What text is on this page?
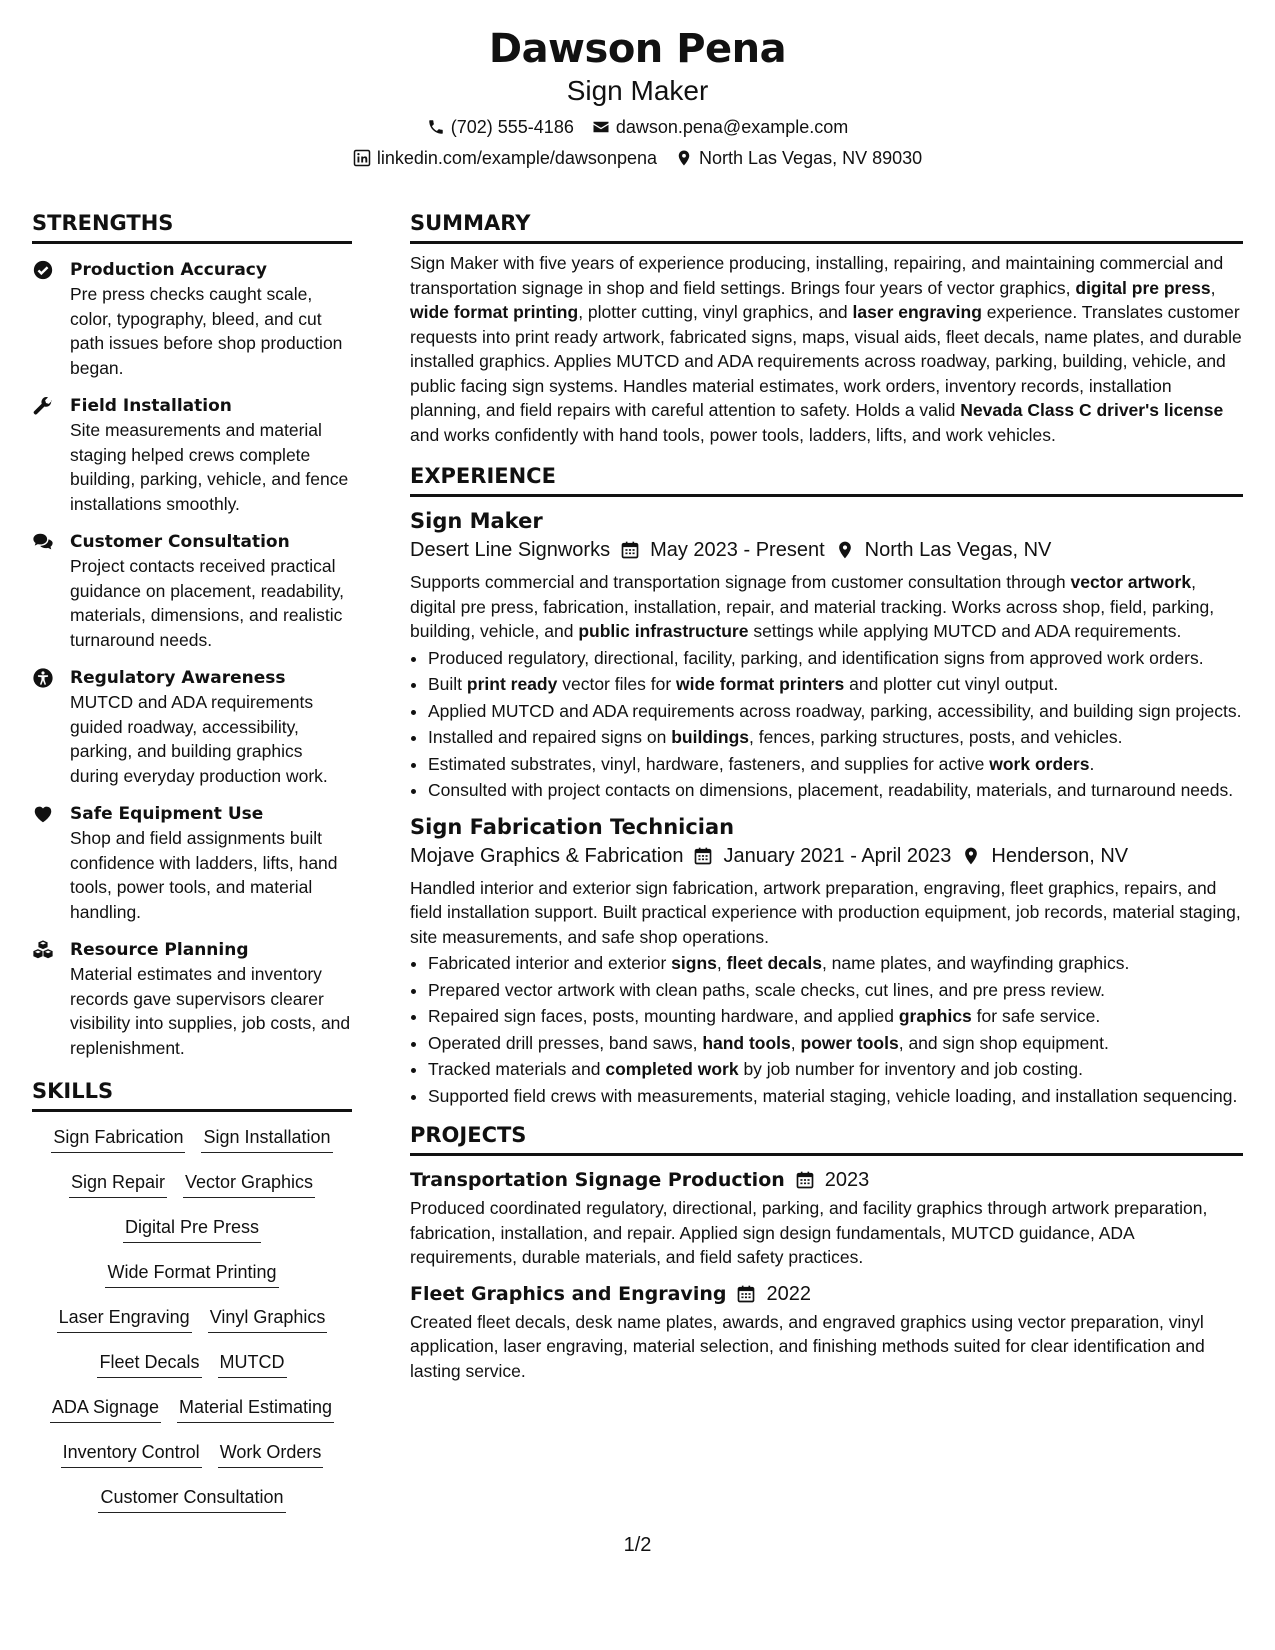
Dawson Pena
Sign Maker
(702) 555-4186 dawson.pena@example.com
linkedin.com/example/dawsonpena North Las Vegas, NV 89030
STRENGTHS
Production Accuracy
Pre press checks caught scale, color, typography, bleed, and cut path issues before shop production began.
Field Installation
Site measurements and material staging helped crews complete building, parking, vehicle, and fence installations smoothly.
Customer Consultation
Project contacts received practical guidance on placement, readability, materials, dimensions, and realistic turnaround needs.
Regulatory Awareness
MUTCD and ADA requirements guided roadway, accessibility, parking, and building graphics during everyday production work.
Safe Equipment Use
Shop and field assignments built confidence with ladders, lifts, hand tools, power tools, and material handling.
Resource Planning
Material estimates and inventory records gave supervisors clearer visibility into supplies, job costs, and replenishment.
SKILLS
Sign Fabrication Sign Installation
Sign Repair Vector Graphics
Digital Pre Press
Wide Format Printing
Laser Engraving Vinyl Graphics
Fleet Decals MUTCD
ADA Signage Material Estimating
Inventory Control Work Orders
Customer Consultation
SUMMARY
Sign Maker with five years of experience producing, installing, repairing, and maintaining commercial and transportation signage in shop and field settings. Brings four years of vector graphics, digital pre press, wide format printing, plotter cutting, vinyl graphics, and laser engraving experience. Translates customer requests into print ready artwork, fabricated signs, maps, visual aids, fleet decals, name plates, and durable installed graphics. Applies MUTCD and ADA requirements across roadway, parking, building, vehicle, and public facing sign systems. Handles material estimates, work orders, inventory records, installation planning, and field repairs with careful attention to safety. Holds a valid Nevada Class C driver's license and works confidently with hand tools, power tools, ladders, lifts, and work vehicles.
EXPERIENCE
Sign Maker
Desert Line Signworks May 2023 - Present North Las Vegas, NV
Supports commercial and transportation signage from customer consultation through vector artwork, digital pre press, fabrication, installation, repair, and material tracking. Works across shop, field, parking, building, vehicle, and public infrastructure settings while applying MUTCD and ADA requirements.
• Produced regulatory, directional, facility, parking, and identification signs from approved work orders.
• Built print ready vector files for wide format printers and plotter cut vinyl output.
• Applied MUTCD and ADA requirements across roadway, parking, accessibility, and building sign projects.
• Installed and repaired signs on buildings, fences, parking structures, posts, and vehicles.
• Estimated substrates, vinyl, hardware, fasteners, and supplies for active work orders.
• Consulted with project contacts on dimensions, placement, readability, materials, and turnaround needs.
Sign Fabrication Technician
Mojave Graphics & Fabrication January 2021 - April 2023 Henderson, NV
Handled interior and exterior sign fabrication, artwork preparation, engraving, fleet graphics, repairs, and field installation support. Built practical experience with production equipment, job records, material staging, site measurements, and safe shop operations.
• Fabricated interior and exterior signs, fleet decals, name plates, and wayfinding graphics.
• Prepared vector artwork with clean paths, scale checks, cut lines, and pre press review.
• Repaired sign faces, posts, mounting hardware, and applied graphics for safe service.
• Operated drill presses, band saws, hand tools, power tools, and sign shop equipment.
• Tracked materials and completed work by job number for inventory and job costing.
• Supported field crews with measurements, material staging, vehicle loading, and installation sequencing.
PROJECTS
Transportation Signage Production 2023
Produced coordinated regulatory, directional, parking, and facility graphics through artwork preparation, fabrication, installation, and repair. Applied sign design fundamentals, MUTCD guidance, ADA requirements, durable materials, and field safety practices.
Fleet Graphics and Engraving 2022
Created fleet decals, desk name plates, awards, and engraved graphics using vector preparation, vinyl application, laser engraving, material selection, and finishing methods suited for clear identification and lasting service.
1/2
